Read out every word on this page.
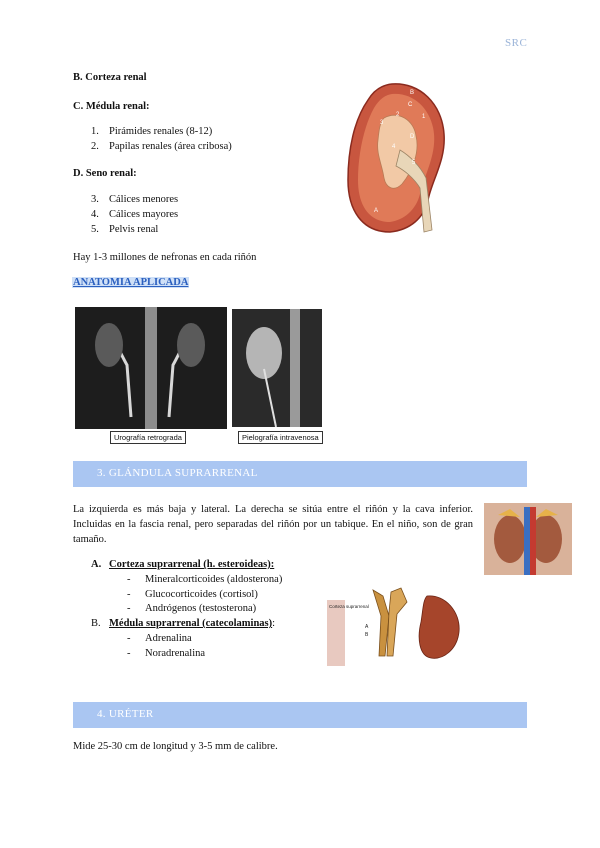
SRC
B. Corteza renal
C. Médula renal:
1. Pirámides renales (8-12)
2. Papilas renales (área cribosa)
D. Seno renal:
3. Cálices menores
4. Cálices mayores
5. Pelvis renal
Hay 1-3 millones de nefronas en cada riñón
ANATOMIA APLICADA
B
C
2	1
D
3
4
5
A
Urografía retrograda	Pielografía intravenosa
3. GLÁNDULA SUPRARRENAL
La izquierda es más baja y lateral. La derecha se sitúa entre el riñón y la cava inferior. Incluidas en la fascia renal, pero separadas del riñón por un tabique. En el niño, son de gran tamaño.
A. Corteza suprarrenal (h. esteroideas):
- Mineralcorticoides (aldosterona)
- Glucocorticoides (cortisol)
- Andrógenos (testosterona)
B. Médula suprarrenal (catecolaminas):
- Adrenalina
- Noradrenalina
Corteza suprarrenal
A
B
4. URÉTER
Mide 25-30 cm de longitud y 3-5 mm de calibre.
